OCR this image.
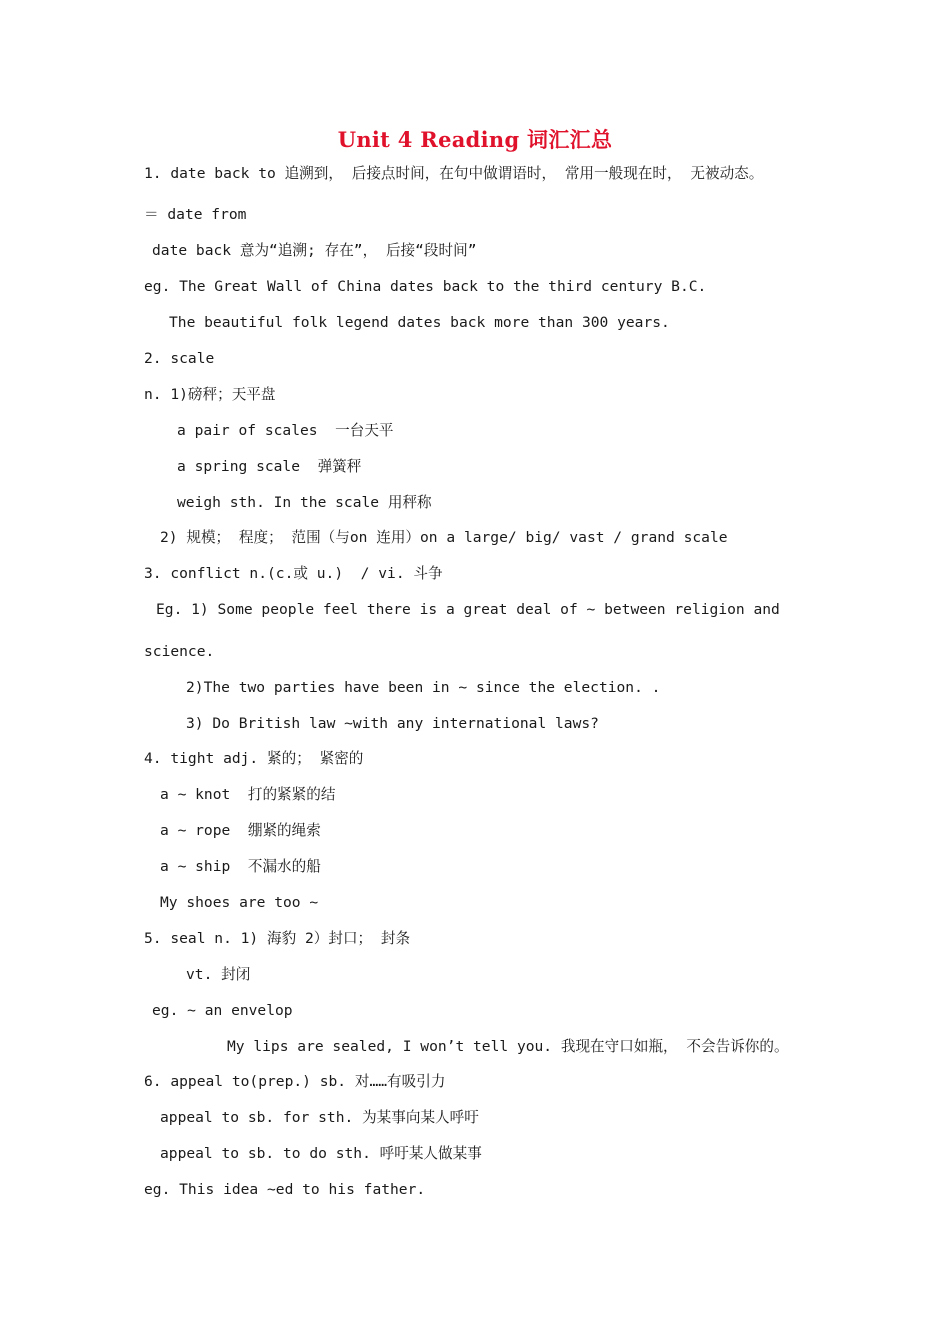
Unit 4 Reading 词汇汇总
1. date back to 追溯到， 后接点时间，在句中做谓语时， 常用一般现在时， 无被动态。
＝ date from
date back 意为“追溯; 存在”， 后接“段时间”
eg. The Great Wall of China dates back to the third century B.C.
The beautiful folk legend dates back more than 300 years.
2. scale
n. 1)磅秤；天平盘
a pair of scales  一台天平
a spring scale  弹簧秤
weigh sth. In the scale 用秤称
2) 规模； 程度； 范围（与on 连用）on a large/ big/ vast / grand scale
3. conflict n.(c.或 u.)  / vi. 斗争
Eg. 1) Some people feel there is a great deal of ~ between religion and
science.
2)The two parties have been in ~ since the election. .
3) Do British law ~with any international laws?
4. tight adj. 紧的； 紧密的
a ~ knot  打的紧紧的结
a ~ rope  绷紧的绳索
a ~ ship  不漏水的船
My shoes are too ~
5. seal n. 1) 海豹 2）封口； 封条
vt. 封闭
eg. ~ an envelop
My lips are sealed, I won’t tell you. 我现在守口如瓶， 不会告诉你的。
6. appeal to(prep.) sb. 对……有吸引力
appeal to sb. for sth. 为某事向某人呼吁
appeal to sb. to do sth. 呼吁某人做某事
eg. This idea ~ed to his father.
